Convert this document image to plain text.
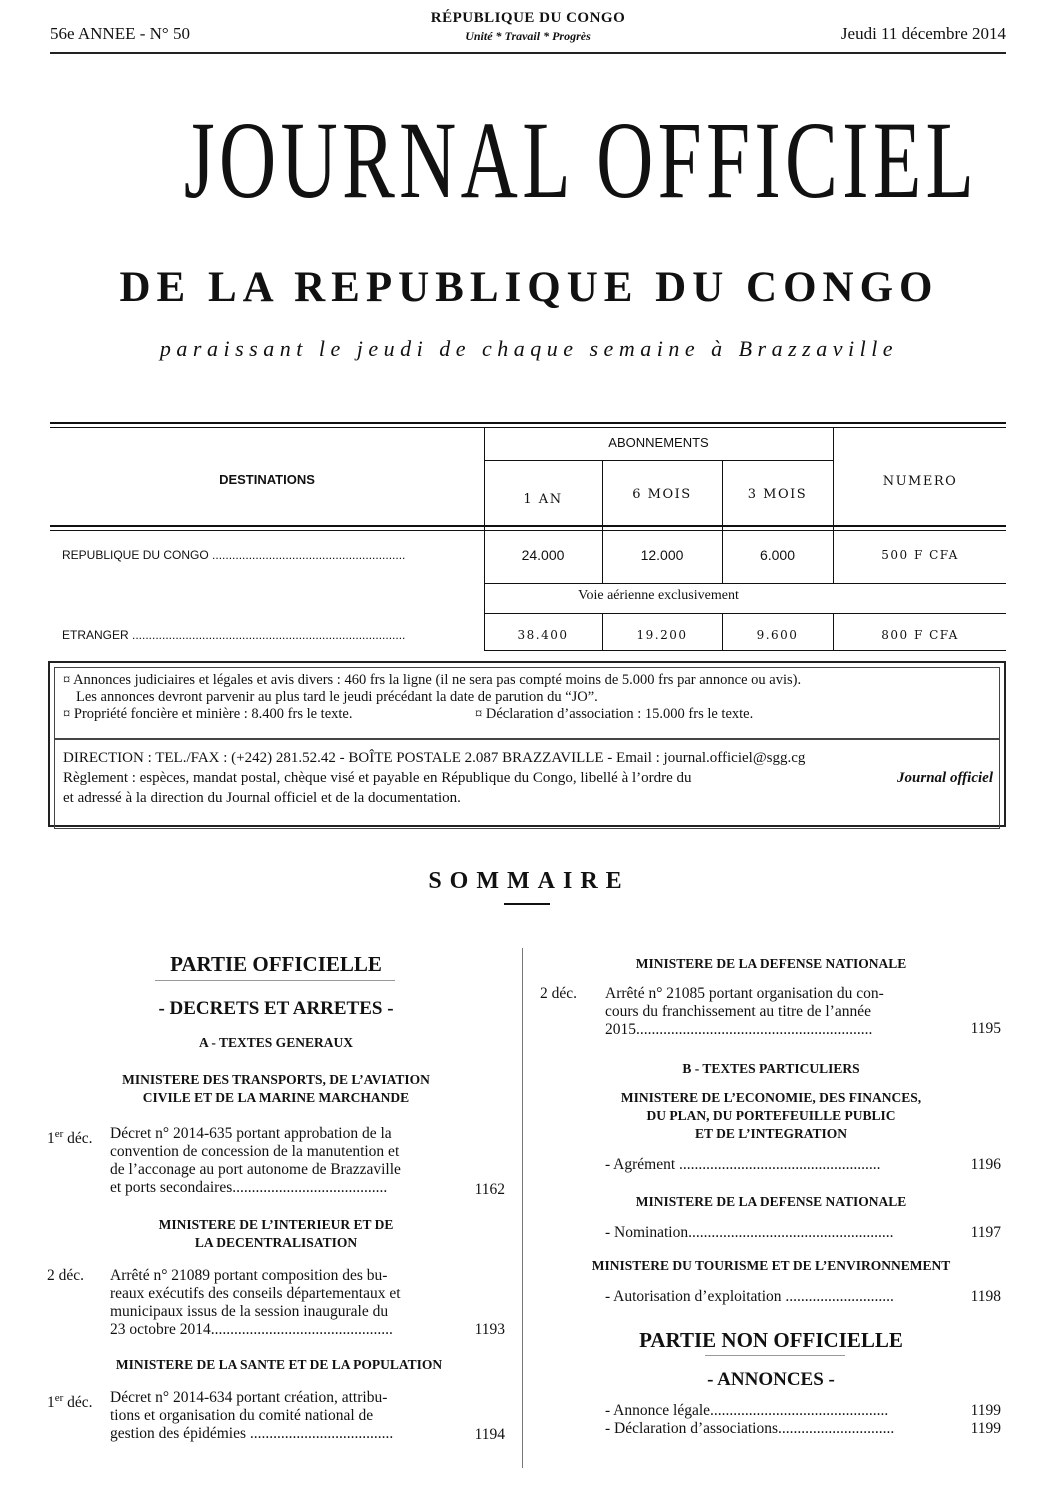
56e ANNEE - N° 50
RÉPUBLIQUE DU CONGO
Unité * Travail * Progrès	Jeudi 11 décembre 2014
JOURNAL OFFICIEL
DE LA REPUBLIQUE DU CONGO
paraissant le jeudi de chaque semaine à Brazzaville
DESTINATIONS
ABONNEMENTS
NUMERO
1 AN	6 MOIS	3 MOIS
REPUBLIQUE DU CONGO ..........................................................	24.000	12.000	6.000	500 F CFA
Voie aérienne exclusivement
ETRANGER ..................................................................................	38.400	19.200	9.600	800 F CFA
¤ Annonces judiciaires et légales et avis divers : 460 frs la ligne (il ne sera pas compté moins de 5.000 frs par annonce ou avis).
Les annonces devront parvenir au plus tard le jeudi précédant la date de parution du “JO”.
¤ Propriété foncière et minière : 8.400 frs le texte.	¤ Déclaration d’association : 15.000 frs le texte.
DIRECTION : TEL./FAX : (+242) 281.52.42 - BOÎTE POSTALE 2.087 BRAZZAVILLE - Email : journal.officiel@sgg.cg
Règlement : espèces, mandat postal, chèque visé et payable en République du Congo, libellé à l’ordre du	Journal officiel
et adressé à la direction du Journal officiel et de la documentation.
SOMMAIRE
PARTIE OFFICIELLE
- DECRETS ET ARRETES -
A - TEXTES GENERAUX
MINISTERE DES TRANSPORTS, DE L’AVIATION
CIVILE ET DE LA MARINE MARCHANDE
1er déc. Décret n° 2014-635 portant approbation de la
convention de concession de la manutention et
de l’acconage au port autonome de Brazzaville
et ports secondaires........................................	1162
MINISTERE DE L’INTERIEUR ET DE
LA DECENTRALISATION
2 déc. Arrêté n° 21089 portant composition des bu-
reaux exécutifs des conseils départementaux et
municipaux issus de la session inaugurale du
23 octobre 2014...............................................	1193
MINISTERE DE LA SANTE ET DE LA POPULATION
1er déc. Décret n° 2014-634 portant création, attribu-
tions et organisation du comité national de
gestion des épidémies .....................................	1194
MINISTERE DE LA DEFENSE NATIONALE
2 déc. Arrêté n° 21085 portant organisation du con-
cours du franchissement au titre de l’année
2015.............................................................	1195
B - TEXTES PARTICULIERS
MINISTERE DE L’ECONOMIE, DES FINANCES,
DU PLAN, DU PORTEFEUILLE PUBLIC
ET DE L’INTEGRATION
- Agrément ....................................................	1196
MINISTERE DE LA DEFENSE NATIONALE
- Nomination.....................................................	1197
MINISTERE DU TOURISME ET DE L’ENVIRONNEMENT
- Autorisation d’exploitation ............................	1198
PARTIE NON OFFICIELLE
- ANNONCES -
- Annonce légale..............................................	1199
- Déclaration d’associations..............................	1199
